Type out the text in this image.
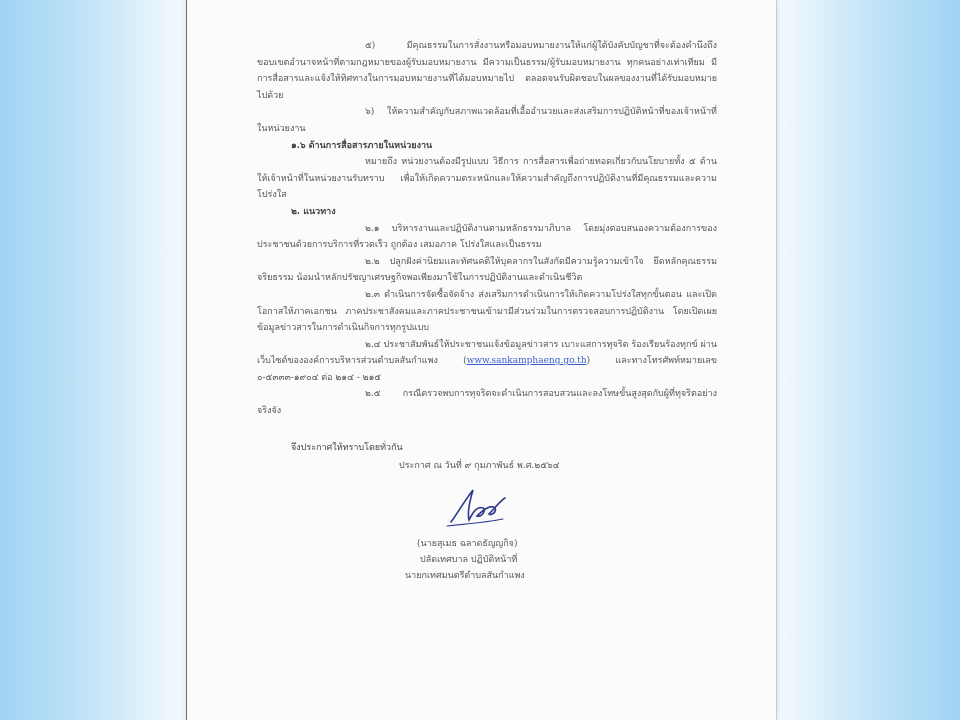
๕) มีคุณธรรมในการสั่งงานหรือมอบหมายงานให้แก่ผู้ใต้บังคับบัญชาที่จะต้องคำนึงถึง ขอบเขตอำนาจหน้าที่ตามกฎหมายของผู้รับมอบหมายงาน มีความเป็นธรรม/ผู้รับมอบหมายงาน ทุกคนอย่างเท่าเทียม มีการสื่อสารและแจ้งให้ทิศทางในการมอบหมายงานที่ได้มอบหมายไป ตลอดจนรับผิดชอบในผลของงานที่ได้รับมอบหมายไปด้วย

๖) ให้ความสำคัญกับสภาพแวดล้อมที่เอื้ออำนวยและส่งเสริมการปฏิบัติหน้าที่ของเจ้าหน้าที่ในหน่วยงาน

๑.๖ ด้านการสื่อสารภายในหน่วยงาน

หมายถึง หน่วยงานต้องมีรูปแบบ วิธีการ การสื่อสารเพื่อถ่ายทอดเกี่ยวกับนโยบายทั้ง ๕ ด้าน ให้เจ้าหน้าที่ในหน่วยงานรับทราบ เพื่อให้เกิดความตระหนักและให้ความสำคัญถึงการปฏิบัติงานที่มีคุณธรรมและความโปร่งใส

๒. แนวทาง

๒.๑ บริหารงานและปฏิบัติงานตามหลักธรรมาภิบาล โดยมุ่งตอบสนองความต้องการของประชาชนด้วยการบริการที่รวดเร็ว ถูกต้อง เสมอภาค โปร่งใสและเป็นธรรม

๒.๒ ปลูกฝังค่านิยมและทัศนคติให้บุคลากรในสังกัดมีความรู้ความเข้าใจ ยึดหลักคุณธรรม จริยธรรม น้อมนำหลักปรัชญาเศรษฐกิจพอเพียงมาใช้ในการปฏิบัติงานและดำเนินชีวิต

๒.๓ ดำเนินการจัดซื้อจัดจ้าง ส่งเสริมการดำเนินการให้เกิดความโปร่งใสทุกขั้นตอน และเปิดโอกาสให้ภาคเอกชน ภาคประชาสังคมและภาคประชาชนเข้ามามีส่วนร่วมในการตรวจสอบการปฏิบัติงาน โดยเปิดเผยข้อมูลข่าวสารในการดำเนินกิจการทุกรูปแบบ

๒.๔ ประชาสัมพันธ์ให้ประชาชนแจ้งข้อมูลข่าวสาร เบาะแสการทุจริต ร้องเรียนร้องทุกข์ ผ่านเว็บไซต์ขององค์การบริหารส่วนตำบลสันกำแพง (www.sankamphaeng.go.th) และทางโทรศัพท์หมายเลข ๐-๕๓๓๓-๑๙๐๔ ต่อ ๒๑๔ - ๒๑๕

๒.๕ กรณีตรวจพบการทุจริตจะดำเนินการสอบสวนและลงโทษขั้นสูงสุดกับผู้ที่ทุจริตอย่างจริงจัง

จึงประกาศให้ทราบโดยทั่วกัน

ประกาศ ณ วันที่ ๙ กุมภาพันธ์ พ.ศ.๒๕๖๔
(นายสุเมธ ฉลาดธัญญกิจ)
ปลัดเทศบาล ปฏิบัติหน้าที่
นายกเทศมนตรีตำบลสันกำแพง
